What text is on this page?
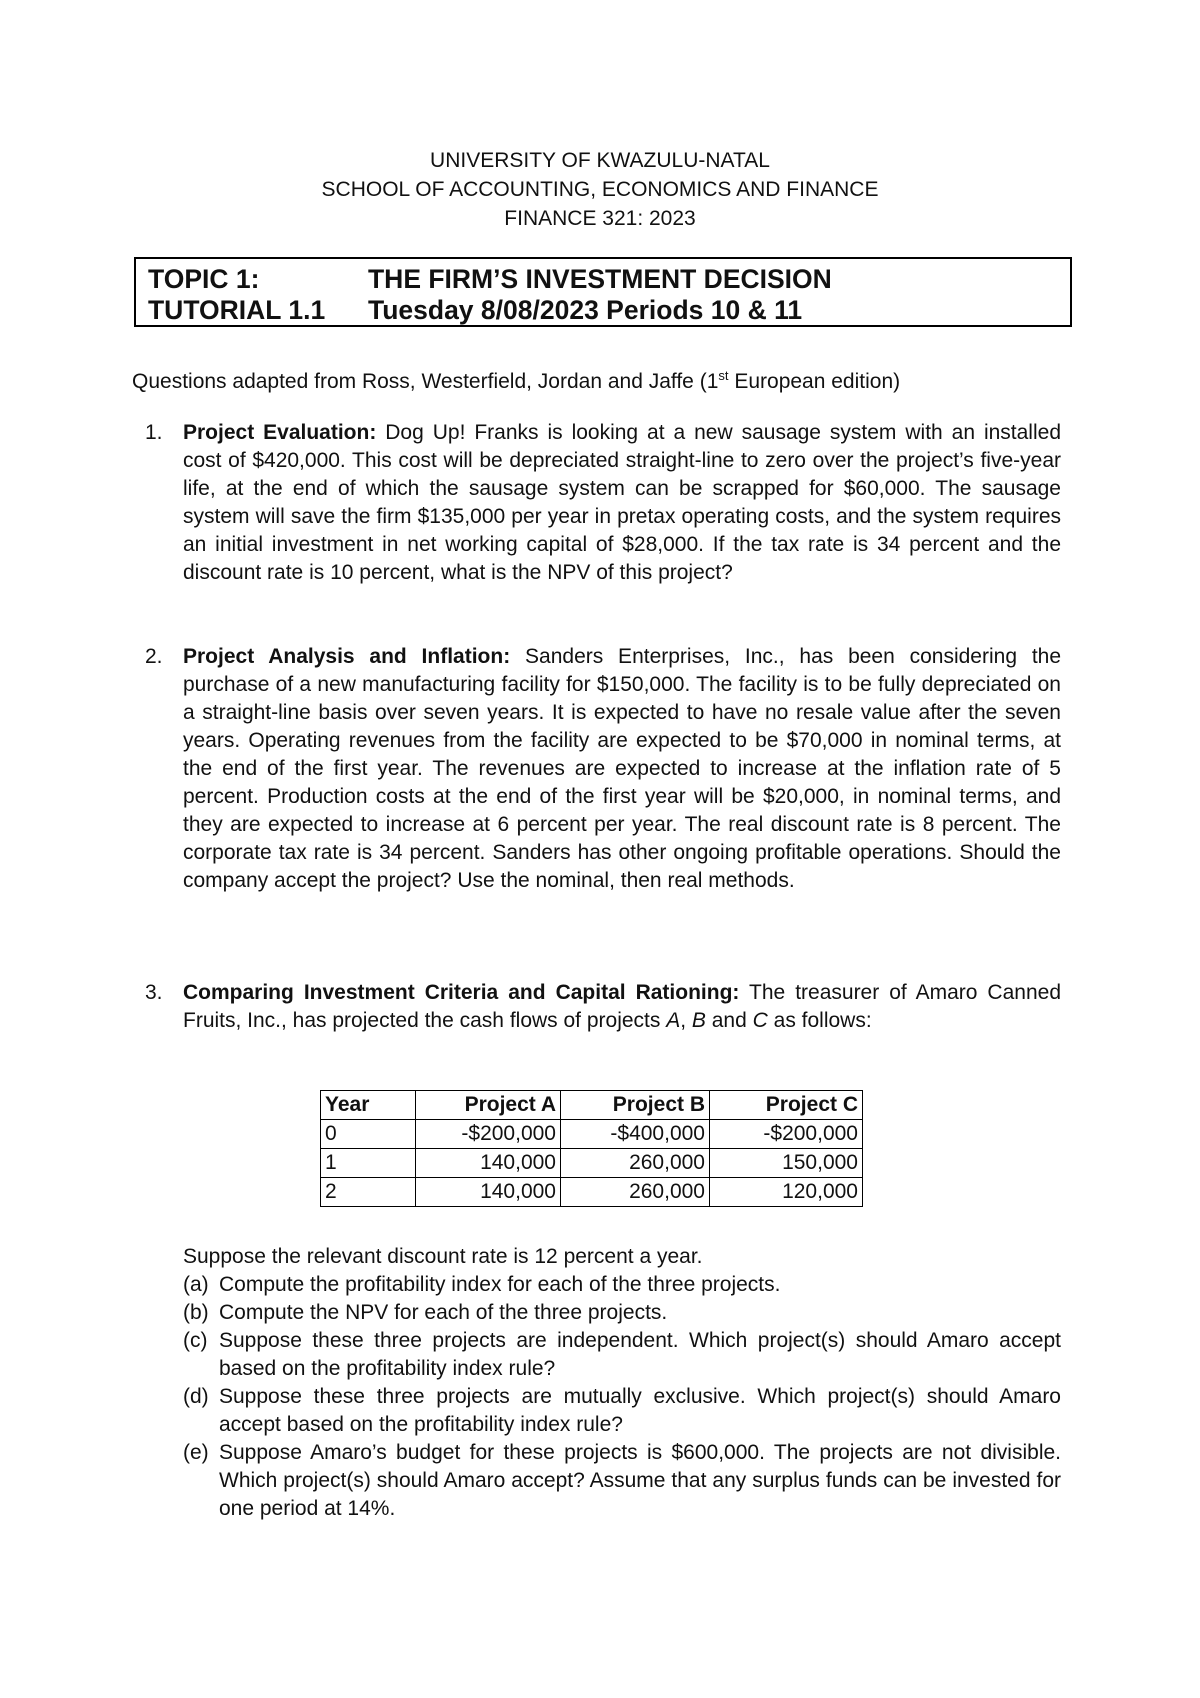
UNIVERSITY OF KWAZULU-NATAL
SCHOOL OF ACCOUNTING, ECONOMICS AND FINANCE
FINANCE 321: 2023
TOPIC 1:	THE FIRM’S INVESTMENT DECISION
TUTORIAL 1.1 Tuesday 8/08/2023 Periods 10 & 11
Questions adapted from Ross, Westerfield, Jordan and Jaffe (1st European edition)
1. Project Evaluation: Dog Up! Franks is looking at a new sausage system with an installed cost of $420,000. This cost will be depreciated straight-line to zero over the project’s five-year life, at the end of which the sausage system can be scrapped for $60,000. The sausage system will save the firm $135,000 per year in pretax operating costs, and the system requires an initial investment in net working capital of $28,000. If the tax rate is 34 percent and the discount rate is 10 percent, what is the NPV of this project?
2. Project Analysis and Inflation: Sanders Enterprises, Inc., has been considering the purchase of a new manufacturing facility for $150,000. The facility is to be fully depreciated on a straight-line basis over seven years. It is expected to have no resale value after the seven years. Operating revenues from the facility are expected to be $70,000 in nominal terms, at the end of the first year. The revenues are expected to increase at the inflation rate of 5 percent. Production costs at the end of the first year will be $20,000, in nominal terms, and they are expected to increase at 6 percent per year. The real discount rate is 8 percent. The corporate tax rate is 34 percent. Sanders has other ongoing profitable operations. Should the company accept the project? Use the nominal, then real methods.
3. Comparing Investment Criteria and Capital Rationing: The treasurer of Amaro Canned Fruits, Inc., has projected the cash flows of projects A, B and C as follows:
Year	Project A	Project B	Project C
0	-$200,000	-$400,000	-$200,000
1	140,000	260,000	150,000
2	140,000	260,000	120,000
Suppose the relevant discount rate is 12 percent a year.
(a) Compute the profitability index for each of the three projects.
(b) Compute the NPV for each of the three projects.
(c) Suppose these three projects are independent. Which project(s) should Amaro accept based on the profitability index rule?
(d) Suppose these three projects are mutually exclusive. Which project(s) should Amaro accept based on the profitability index rule?
(e) Suppose Amaro’s budget for these projects is $600,000. The projects are not divisible. Which project(s) should Amaro accept? Assume that any surplus funds can be invested for one period at 14%.
